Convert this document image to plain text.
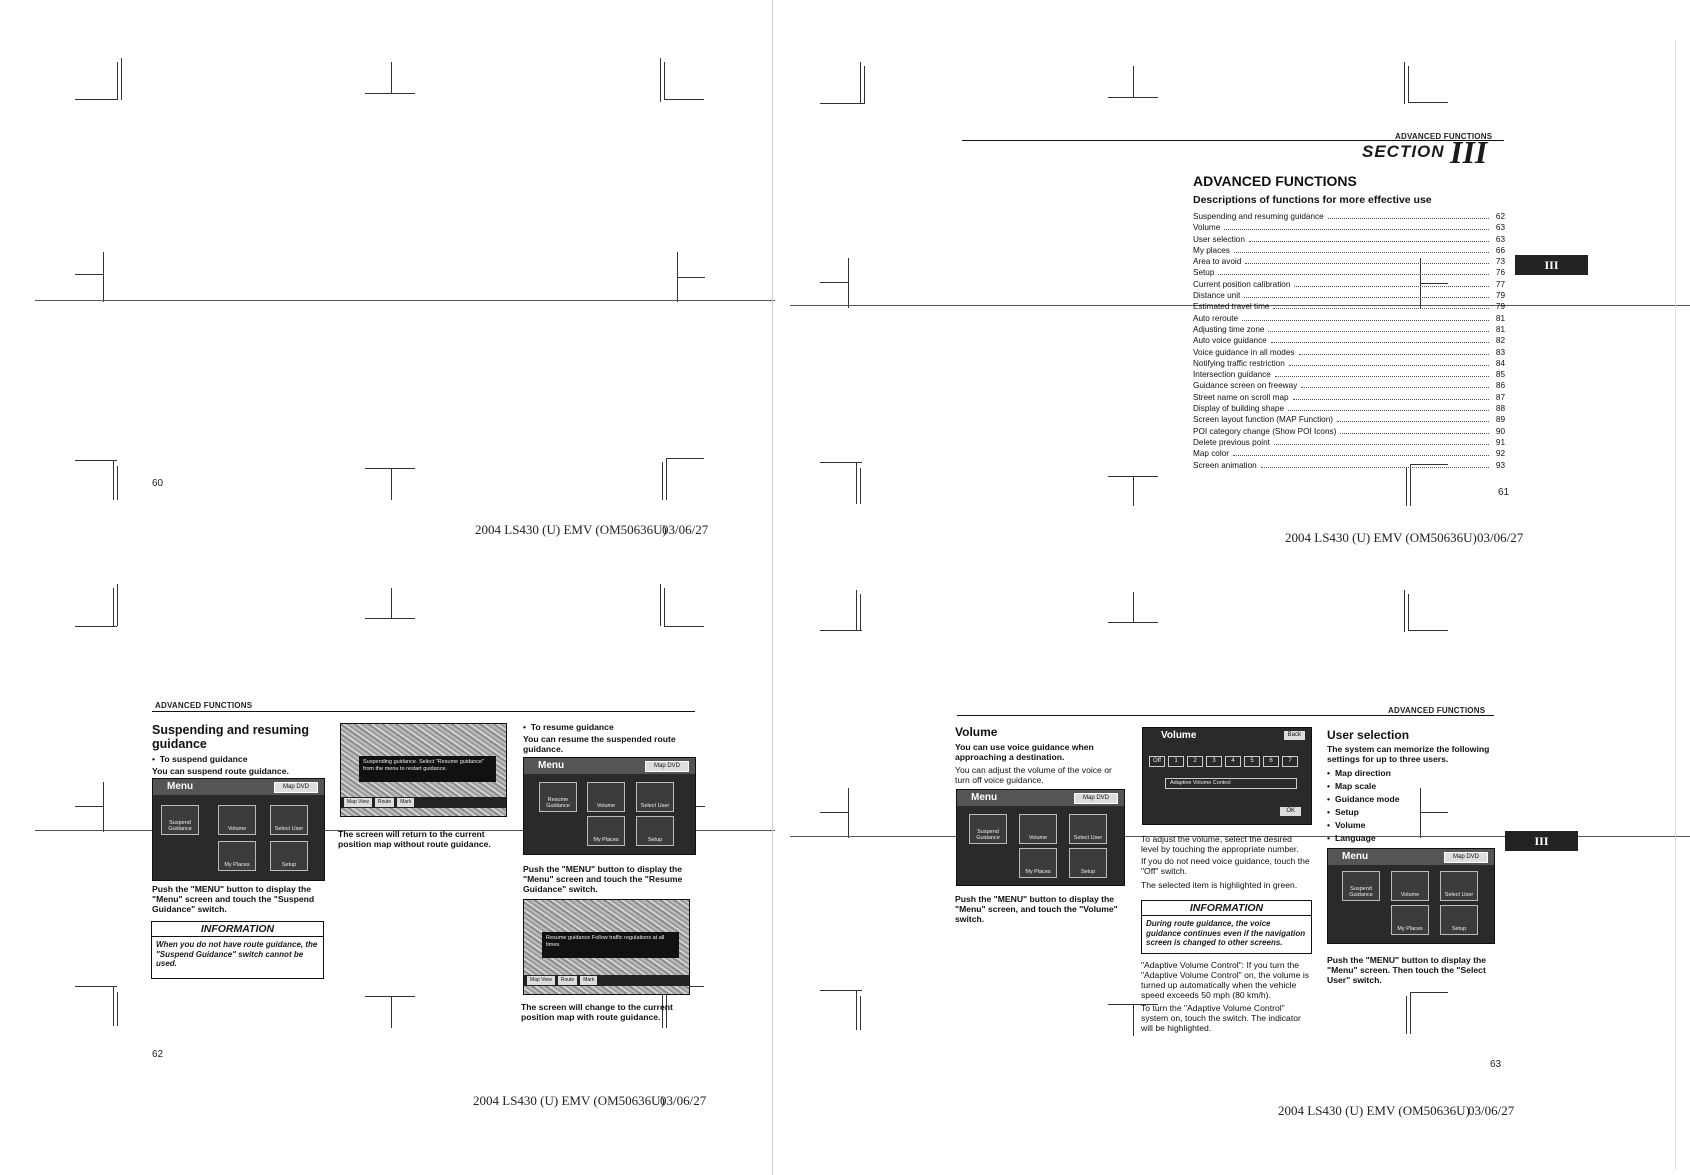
60
2004 LS430 (U) EMV (OM50636U)
03/06/27
ADVANCED FUNCTIONS
SECTION III
ADVANCED FUNCTIONS
Descriptions of functions for more effective use
Suspending and resuming guidance	62
Volume	63
User selection	63
My places	66
Area to avoid	73
Setup	76
Current position calibration	77
Distance unit	79
Estimated travel time	79
Auto reroute	81
Adjusting time zone	81
Auto voice guidance	82
Voice guidance in all modes	83
Notifying traffic restriction	84
Intersection guidance	85
Guidance screen on freeway	86
Street name on scroll map	87
Display of building shape	88
Screen layout function (MAP Function)	89
POI category change (Show POI Icons)	90
Delete previous point	91
Map color	92
Screen animation	93
III
61
2004 LS430 (U) EMV (OM50636U) 03/06/27
ADVANCED FUNCTIONS
Suspending and resuming guidance
•  To suspend guidance
You can suspend route guidance.
Menu	Map DVD
Suspend Guidance	Volume	Select User
My Places	Setup
Push the "MENU" button to display the "Menu" screen and touch the "Suspend Guidance" switch.
INFORMATION
When you do not have route guidance, the "Suspend Guidance" switch cannot be used.
Suspending guidance. Select "Resume guidance" from the menu to restart guidance.
Map View	Route	Mark
The screen will return to the current position map without route guidance.
•  To resume guidance
You can resume the suspended route guidance.
Menu	Map DVD
Resume Guidance	Volume	Select User
My Places	Setup
Push the "MENU" button to display the "Menu" screen and touch the "Resume Guidance" switch.
Resume guidance Follow traffic regulations at all times.
Map View	Route	Mark
The screen will change to the current position map with route guidance.
62
2004 LS430 (U) EMV (OM50636U)
03/06/27
ADVANCED FUNCTIONS
Volume
You can use voice guidance when approaching a destination.
You can adjust the volume of the voice or turn off voice guidance.
Menu	Map DVD
Suspend Guidance	Volume	Select User
My Places	Setup
Push the "MENU" button to display the "Menu" screen, and touch the "Volume" switch.
Volume	Back
Off	1	2	3	4	5	6	7
Adaptive Volume Control
OK
To adjust the volume, select the desired level by touching the appropriate number.
If you do not need voice guidance, touch the "Off" switch.
The selected item is highlighted in green.
INFORMATION
During route guidance, the voice guidance continues even if the navigation screen is changed to other screens.
"Adaptive Volume Control": If you turn the "Adaptive Volume Control" on, the volume is turned up automatically when the vehicle speed exceeds 50 mph (80 km/h).
To turn the "Adaptive Volume Control" system on, touch the switch. The indicator will be highlighted.
User selection
The system can memorize the following settings for up to three users.
• Map direction
• Map scale
• Guidance mode
• Setup
• Volume
• Language
Menu	Map DVD
Suspend Guidance	Volume	Select User
My Places	Setup
Push the "MENU" button to display the "Menu" screen. Then touch the "Select User" switch.
III
63
2004 LS430 (U) EMV (OM50636U)
03/06/27
